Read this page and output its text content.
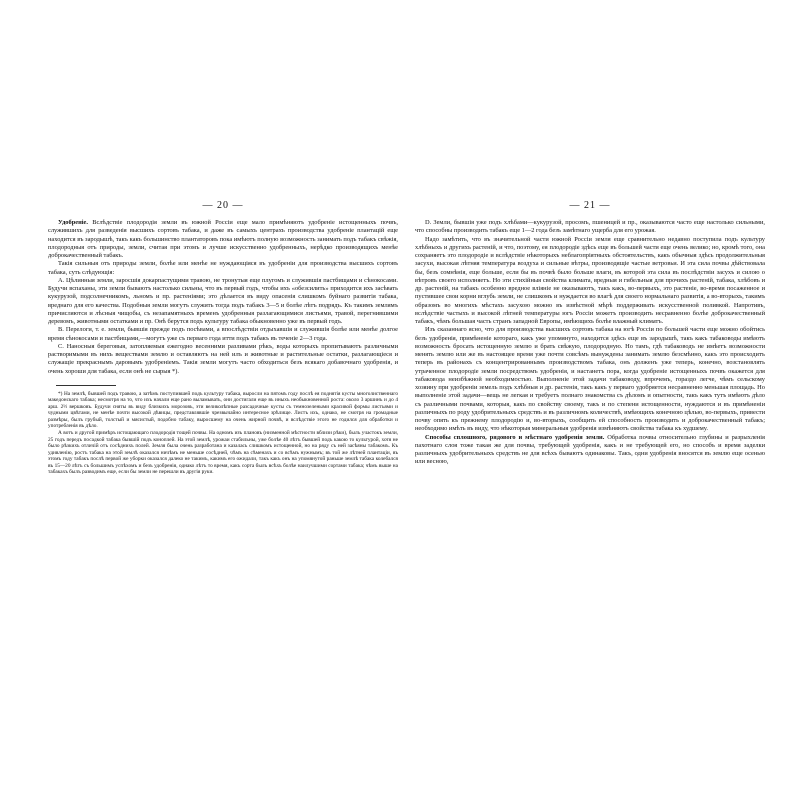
— 20 —

Удобреніе. Вслѣдствіе плодородія земли въ южной Россіи еще мало примѣняютъ удобреніе истощенныхъ почвъ, служившихъ для разведенія высшихъ сортовъ табака, и даже въ самыхъ центрахъ производства удобреніе плантацій еще находится въ зародышѣ, такъ какъ большинство плантаторовъ пока имѣютъ полную возможность занимать подъ табакъ свѣжія, плодородныя отъ природы, земли, считая при этомъ и лучше искусственно удобренныхъ, нерѣдко производящихъ менѣе доброкачественный табакъ.

Такія сильныя отъ природы земли, болѣе или менѣе не нуждающіяся въ удобреніи для производства высшихъ сортовъ табака, суть слѣдующія:

A. Цѣлинныя земли, заросшія докарпастущими травою, не тронутыя еще плугомъ и служившія пастбищами и сѣнокосами. Будучи вспаханы, эти земли бываютъ настолько сильны, что въ первый годъ, чтобы ихъ «обезсилить» приходится ихъ засѣвать кукурузой, подсолнечникомъ, льномъ и пр. растеніями; это дѣлается въ виду опасенія слишкомъ буйнаго развитія табака, вреднаго для его качества. Подобныя земли могутъ служить тогда подъ табакъ 3—5 и болѣе лѣтъ подрядъ. Къ такимъ землямъ причисляются и лѣсныя чищобы, съ незапамятныхъ временъ удобренныя разлагающимися листьями, травой, перегнившими деревомъ, животными остатками и пр. Онѣ берутся подъ культуру табака обыкновенно уже въ первый годъ.

B. Перелоги, т. е. земли, бывшія прежде подъ посѣвами, а впослѣдствіи отдыхавшія и служившія болѣе или менѣе долгое время сѣнокосами и пастбищами,—могутъ уже съ перваго года итти подъ табакъ въ теченіе 2—3 года.

C. Наносныя береговыя, затопляемыя ежегодно весенними разливами рѣкъ, воды которыхъ пропитываютъ различными растворимыми въ нихъ веществами землю и оставляютъ на ней илъ и животные и растительные остатки, разлагающіеся и служащіе прекраснымъ даровымъ удобреніемъ. Такія земли могутъ часто обходиться безъ всякаго добавочнаго удобренія, и очень хороши для табака, если онѣ не сырыя *).

*) На землѣ, бывшей подъ травою, а затѣмъ поступившей подъ культуру табака, выросли на пятомъ году послѣ ея поднятія кусты многолиственнаго македонскаго табака; несмотря на то, что ихъ начали еще рано выламывать, они достигали еще въ иныхъ необыкновенной роста: около 3 аршинъ и до 4 арш. 2½ вершковъ. Будучи сняты въ виду близкихъ морозовъ, эти великолѣпные разсадочные кусты съ темнозелеными красивой формы листьями и чудными цвѣтами, не менѣе почти высокой дѣвицы, представлявшіе чрезвычайно интересное зрѣлище. Листъ ихъ, однако, не смотря на громадные размѣры, былъ грубый, толстый и мясистый, подобно табаку, выросшему на очень жирной почвѣ, и вслѣдствіе этого не годился для обработки и употребленія въ дѣло.

А вотъ и другой примѣръ истощающаго плодородія тощей почвы. На одномъ изъ плановъ (низменной мѣстности вблизи рѣки), былъ участокъ земли, 25 годъ передъ посадкой табака бывшій подъ коноплей. На этой землѣ, урожаи стабильны, уже болѣе 40 лѣтъ бывшей подъ какою то культурой, хотя не было рѣзкихъ отличій отъ сосѣднихъ полей. Земля была очень разработана и казалась слишкомъ истощенной, но на ряду съ ней засѣяны табакомъ. Къ удивленію, ростъ табака на этой землѣ оказался ничѣмъ не меньше сосѣдней, чѣмъ на сѣменахъ и со всѣмъ нужнымъ; въ той же лѣтней плантаціи, въ этомъ году табакъ послѣ первой же уборки оказался далеко не такимъ, какимъ его ожидали, такъ какъ онъ на упомянутой раньше землѣ табака колебался въ 15—20 лѣтъ съ большимъ успѣхомъ и безъ удобренія, однако лѣтъ то время, какъ сорта былъ всѣхъ болѣе наилучшими сортами табака; чѣмъ выше на табакахъ былъ разводимъ еще, если бы земли не перешли въ другія руки.

— 21 —

D. Земли, бывшія уже подъ хлѣбами—кукурузой, просомъ, пшеницей и пр., оказываются часто еще настолько сильными, что способны производить табакъ еще 1—2 года безъ замѣтнаго ущерба для его урожая.

Надо замѣтить, что въ значительной части южной Россіи земля еще сравнительно недавно поступила подъ культуру хлѣбныхъ и другихъ растеній, и что, поэтому, ея плодородіе здѣсь еще въ большей части еще очень велико; но, кромѣ того, она сохраняетъ это плодородіе и вслѣдствіе нѣкоторыхъ неблагопріятныхъ обстоятельствъ, какъ обычныя здѣсь продолжительныя засухи, высокая лѣтняя температура воздуха и сильные вѣтры, производящіе частые ветровьи. И эта сила почвы дѣйствовала бы, безъ сомнѣнія, еще больше, если бы въ почвѣ было больше влаги, въ которой эта сила въ послѣдствіи засухъ и силою о вѣтровъ своего исполняетъ. Но эти стихійныя свойства климата, вредныя и гибельныя для прочихъ растеній, табака, хлѣбовъ и др. растеній, на табакъ особенно вредное вліяніе не оказываютъ, такъ какъ, во-первыхъ, это растеніе, во-время посаженное и пустившее свои корни вглубь земли, не слишкомъ и нуждается во влагѣ для своего нормальнаго развитія, а во-вторыхъ, такимъ образомъ во многихъ мѣстахъ засухою можно въ извѣстной мѣрѣ поддерживать искусственной поливкой. Напротивъ, вслѣдствіе частыхъ и высокой лѣтней температуры югъ Россіи можетъ производить несравненно болѣе доброкачественный табакъ, чѣмъ большая часть странъ западной Европы, имѣющихъ болѣе влажный климатъ.

Изъ сказаннаго ясно, что для производства высшихъ сортовъ табака на югѣ Россіи по большей части еще можно обойтись безъ удобренія, примѣненіе котораго, какъ уже упомянуто, находится здѣсь еще въ зародышѣ, такъ какъ табаководы имѣютъ возможность бросать истощенную землю и брать свѣжую, плодородную. Но тамъ, гдѣ табаководъ не имѣетъ возможности менять землю или же въ настоящее время уже почти совсѣмъ вынуждены занимать землю безсмѣнно, какъ это происходитъ теперь въ районахъ съ концентрированнымъ производствомъ табака, онъ долженъ уже теперь, конечно, возстановлять утраченное плодородіе земли посредствомъ удобренія, и настанетъ пора, когда удобреніе истощенныхъ почвъ окажется для табаковода неизбѣжной необходимостью. Выполненіе этой задачи табаководу, впрочемъ, гораздо легче, чѣмъ сельскому хозяину при удобреніи земель подъ хлѣбныя и др. растенія, такъ какъ у перваго удобряется несравненно меньшая площадь. Но выполненіе этой задачи—вещь не легкая и требуетъ полнаго знакомства съ дѣломъ и опытности, такъ какъ тутъ имѣютъ дѣло съ различными почвами, которыя, какъ по свойству своему, такъ и по степени истощенности, нуждаются и въ примѣненіи различныхъ по роду удобрительныхъ средствъ и въ различномъ количествѣ, имѣющихъ конечною цѣлью, во-первыхъ, привести почву опять къ прежнему плодородію и, во-вторыхъ, сообщить ей способность производить и доброкачественный табакъ; необходимо имѣть въ виду, что нѣкоторыя минеральныя удобренія измѣняютъ свойства табака къ худшему.

Способы сплошного, рядового и мѣстнаго удобренія земли. Обработка почвы относительно глубины и разрыхленія пахотнаго слоя тоже такая же для почвы, требующей удобренія, какъ и не требующей его, но способъ и время заделки различныхъ удобрительныхъ средствъ не для всѣхъ бываютъ одинаковы. Такъ, одни удобренія вносятся въ землю еще осенью или весною,
